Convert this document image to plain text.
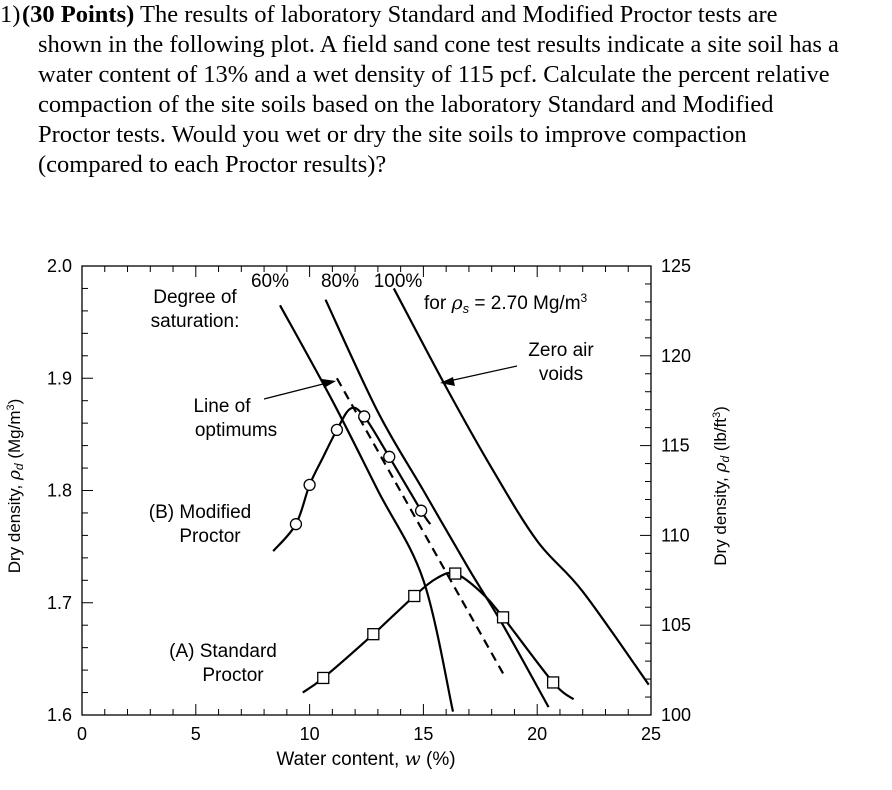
1) (30 Points) The results of laboratory Standard and Modified Proctor tests are
shown in the following plot. A field sand cone test results indicate a site soil has a
water content of 13% and a wet density of 115 pcf. Calculate the percent relative
compaction of the site soils based on the laboratory Standard and Modified
Proctor tests. Would you wet or dry the site soils to improve compaction
(compared to each Proctor results)?
0	5	10	15	20	25
1.6
1.7
1.8
1.9
2.0
100
105
110
115
120
125
Water content, w (%)
Dry density, ρd $(Mg/m^3)$
Dry density, ρd $(lb/ft^3)$
Degree of saturation:
for $\rho_s = 2.70$ $Mg/m^3$
Zero air voids
Line of optimums
(B) Modified Proctor
(A) Standard Proctor
60% 80% 100%
